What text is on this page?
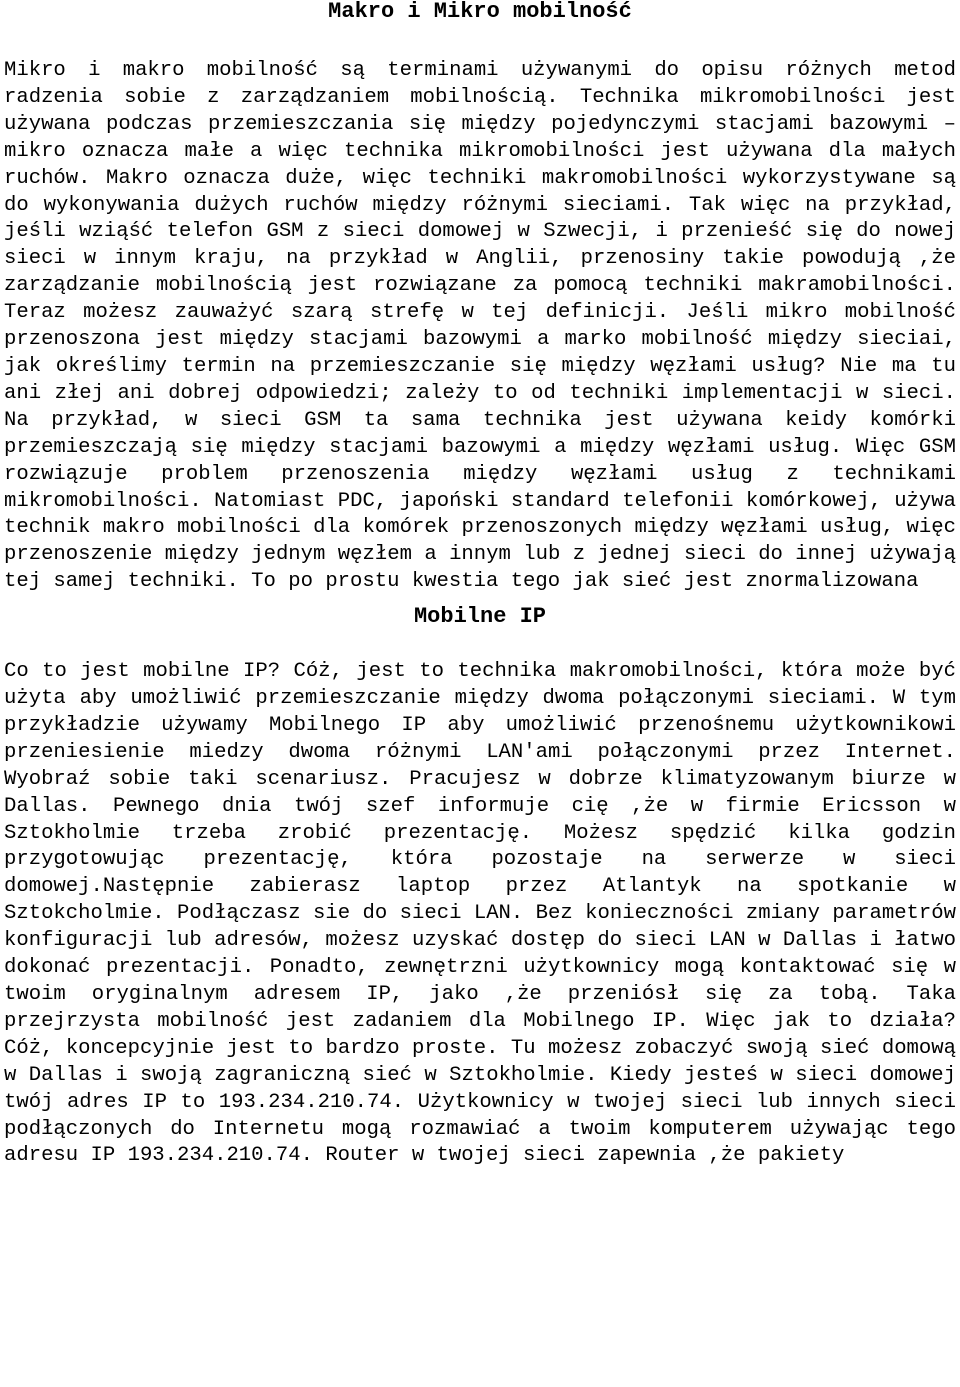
Makro i Mikro mobilność

Mikro i makro mobilność są terminami używanymi do opisu różnych metod radzenia sobie z zarządzaniem mobilnością. Technika mikromobilności jest używana podczas przemieszczania się między pojedynczymi stacjami bazowymi – mikro oznacza małe a więc technika mikromobilności jest używana dla małych ruchów. Makro oznacza duże, więc techniki makromobilności wykorzystywane są do wykonywania dużych ruchów między różnymi sieciami. Tak więc na przykład, jeśli wziąść telefon GSM z sieci domowej w Szwecji, i przenieść się do nowej sieci w innym kraju, na przykład w Anglii, przenosiny takie powodują ,że zarządzanie mobilnością jest rozwiązane za pomocą techniki makramobilności. Teraz możesz zauważyć szarą strefę w tej definicji. Jeśli mikro mobilność przenoszona jest między stacjami bazowymi a marko mobilność między sieciai, jak określimy termin na przemieszczanie się między węzłami usług? Nie ma tu ani złej ani dobrej odpowiedzi; zależy to od techniki implementacji w sieci. Na przykład, w sieci GSM ta sama technika jest używana keidy komórki przemieszczają się między stacjami bazowymi a między węzłami usług. Więc GSM rozwiązuje problem przenoszenia między węzłami usług z technikami mikromobilności. Natomiast PDC, japoński standard telefonii komórkowej, używa technik makro mobilności dla komórek przenoszonych między węzłami usług, więc przenoszenie między jednym węzłem a innym lub z jednej sieci do innej używają tej samej techniki. To po prostu kwestia tego jak sieć jest znormalizowana

Mobilne IP

Co to jest mobilne IP? Cóż, jest to technika makromobilności, która może być użyta aby umożliwić przemieszczanie między dwoma połączonymi sieciami. W tym przykładzie używamy Mobilnego IP aby umożliwić przenośnemu użytkownikowi przeniesienie miedzy dwoma różnymi LAN'ami połączonymi przez Internet. Wyobraź sobie taki scenariusz. Pracujesz w dobrze klimatyzowanym biurze w Dallas. Pewnego dnia twój szef informuje cię ,że w firmie Ericsson w Sztokholmie trzeba zrobić prezentację. Możesz spędzić kilka godzin przygotowując prezentację, która pozostaje na serwerze w sieci domowej.Następnie zabierasz laptop przez Atlantyk na spotkanie w Sztokcholmie. Podłączasz sie do sieci LAN. Bez konieczności zmiany parametrów konfiguracji lub adresów, możesz uzyskać dostęp do sieci LAN w Dallas i łatwo dokonać prezentacji. Ponadto, zewnętrzni użytkownicy mogą kontaktować się w twoim oryginalnym adresem IP, jako ,że przeniósł się za tobą. Taka przejrzysta mobilność jest zadaniem dla Mobilnego IP. Więc jak to działa? Cóż, koncepcyjnie jest to bardzo proste. Tu możesz zobaczyć swoją sieć domową w Dallas i swoją zagraniczną sieć w Sztokholmie. Kiedy jesteś w sieci domowej twój adres IP to 193.234.210.74. Użytkownicy w twojej sieci lub innych sieci podłączonych do Internetu mogą rozmawiać a twoim komputerem używając tego adresu IP 193.234.210.74. Router w twojej sieci zapewnia ,że pakiety
